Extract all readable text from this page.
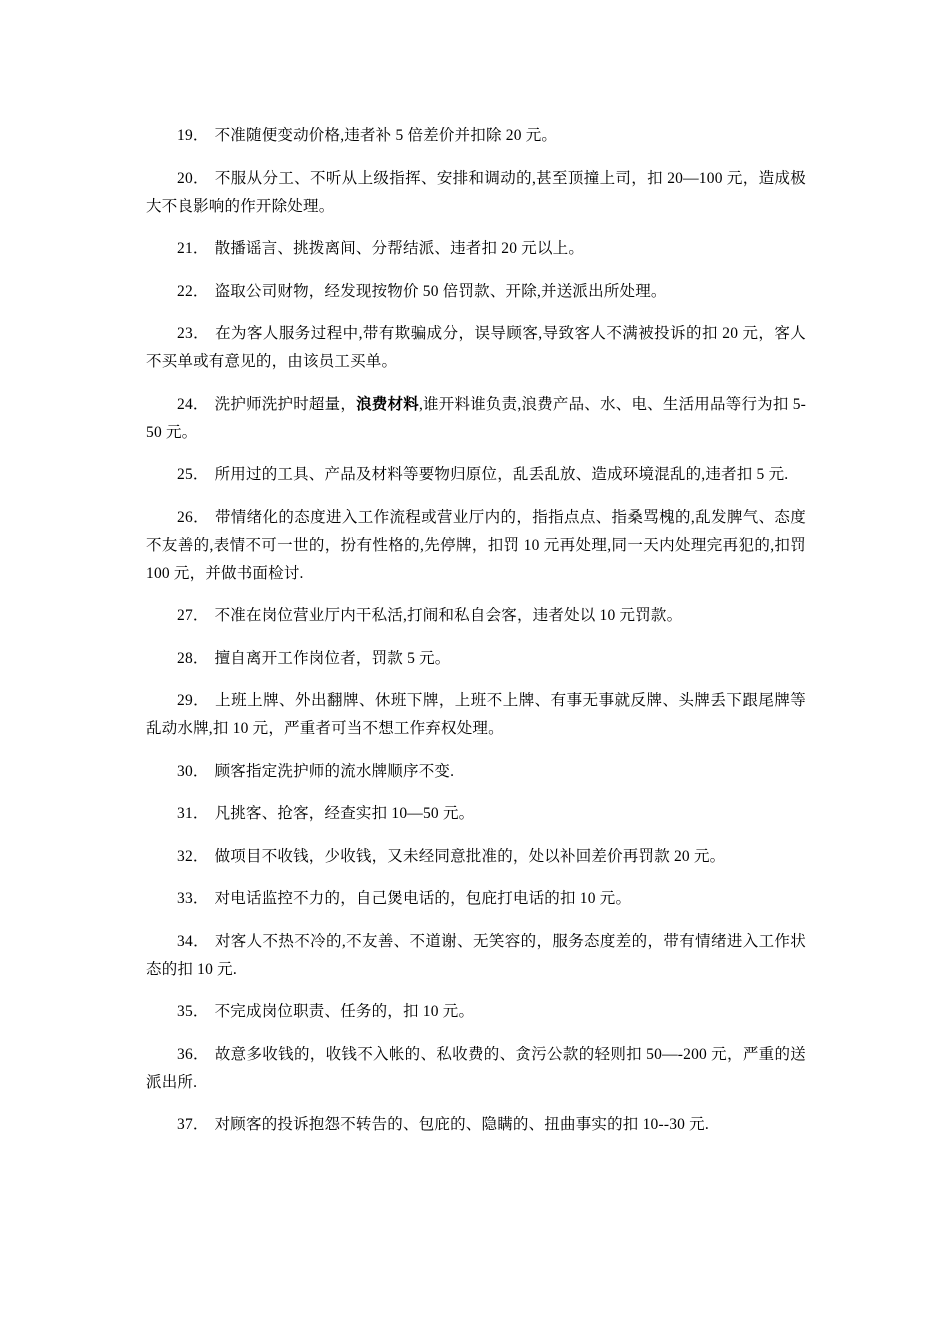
19． 不准随便变动价格,违者补 5 倍差价并扣除 20 元。

20． 不服从分工、不听从上级指挥、安排和调动的,甚至顶撞上司，扣 20—100 元，造成极大不良影响的作开除处理。

21． 散播谣言、挑拨离间、分帮结派、违者扣 20 元以上。

22． 盗取公司财物，经发现按物价 50 倍罚款、开除,并送派出所处理。

23． 在为客人服务过程中,带有欺骗成分，误导顾客,导致客人不满被投诉的扣 20 元，客人不买单或有意见的，由该员工买单。

24． 洗护师洗护时超量，浪费材料,谁开料谁负责,浪费产品、水、电、生活用品等行为扣 5-50 元。

25． 所用过的工具、产品及材料等要物归原位，乱丢乱放、造成环境混乱的,违者扣 5 元.

26． 带情绪化的态度进入工作流程或营业厅内的，指指点点、指桑骂槐的,乱发脾气、态度不友善的,表情不可一世的，扮有性格的,先停牌，扣罚 10 元再处理,同一天内处理完再犯的,扣罚 100 元，并做书面检讨.

27． 不准在岗位营业厅内干私活,打闹和私自会客，违者处以 10 元罚款。

28． 擅自离开工作岗位者，罚款 5 元。

29． 上班上牌、外出翻牌、休班下牌，上班不上牌、有事无事就反牌、头牌丢下跟尾牌等乱动水牌,扣 10 元，严重者可当不想工作弃权处理。

30． 顾客指定洗护师的流水牌顺序不变.

31． 凡挑客、抢客，经查实扣 10—50 元。

32． 做项目不收钱，少收钱，又未经同意批准的，处以补回差价再罚款 20 元。

33． 对电话监控不力的，自己煲电话的，包庇打电话的扣 10 元。

34． 对客人不热不冷的,不友善、不道谢、无笑容的，服务态度差的，带有情绪进入工作状态的扣 10 元.

35． 不完成岗位职责、任务的，扣 10 元。

36． 故意多收钱的，收钱不入帐的、私收费的、贪污公款的轻则扣 50—-200 元，严重的送派出所.

37． 对顾客的投诉抱怨不转告的、包庇的、隐瞒的、扭曲事实的扣 10--30 元.
